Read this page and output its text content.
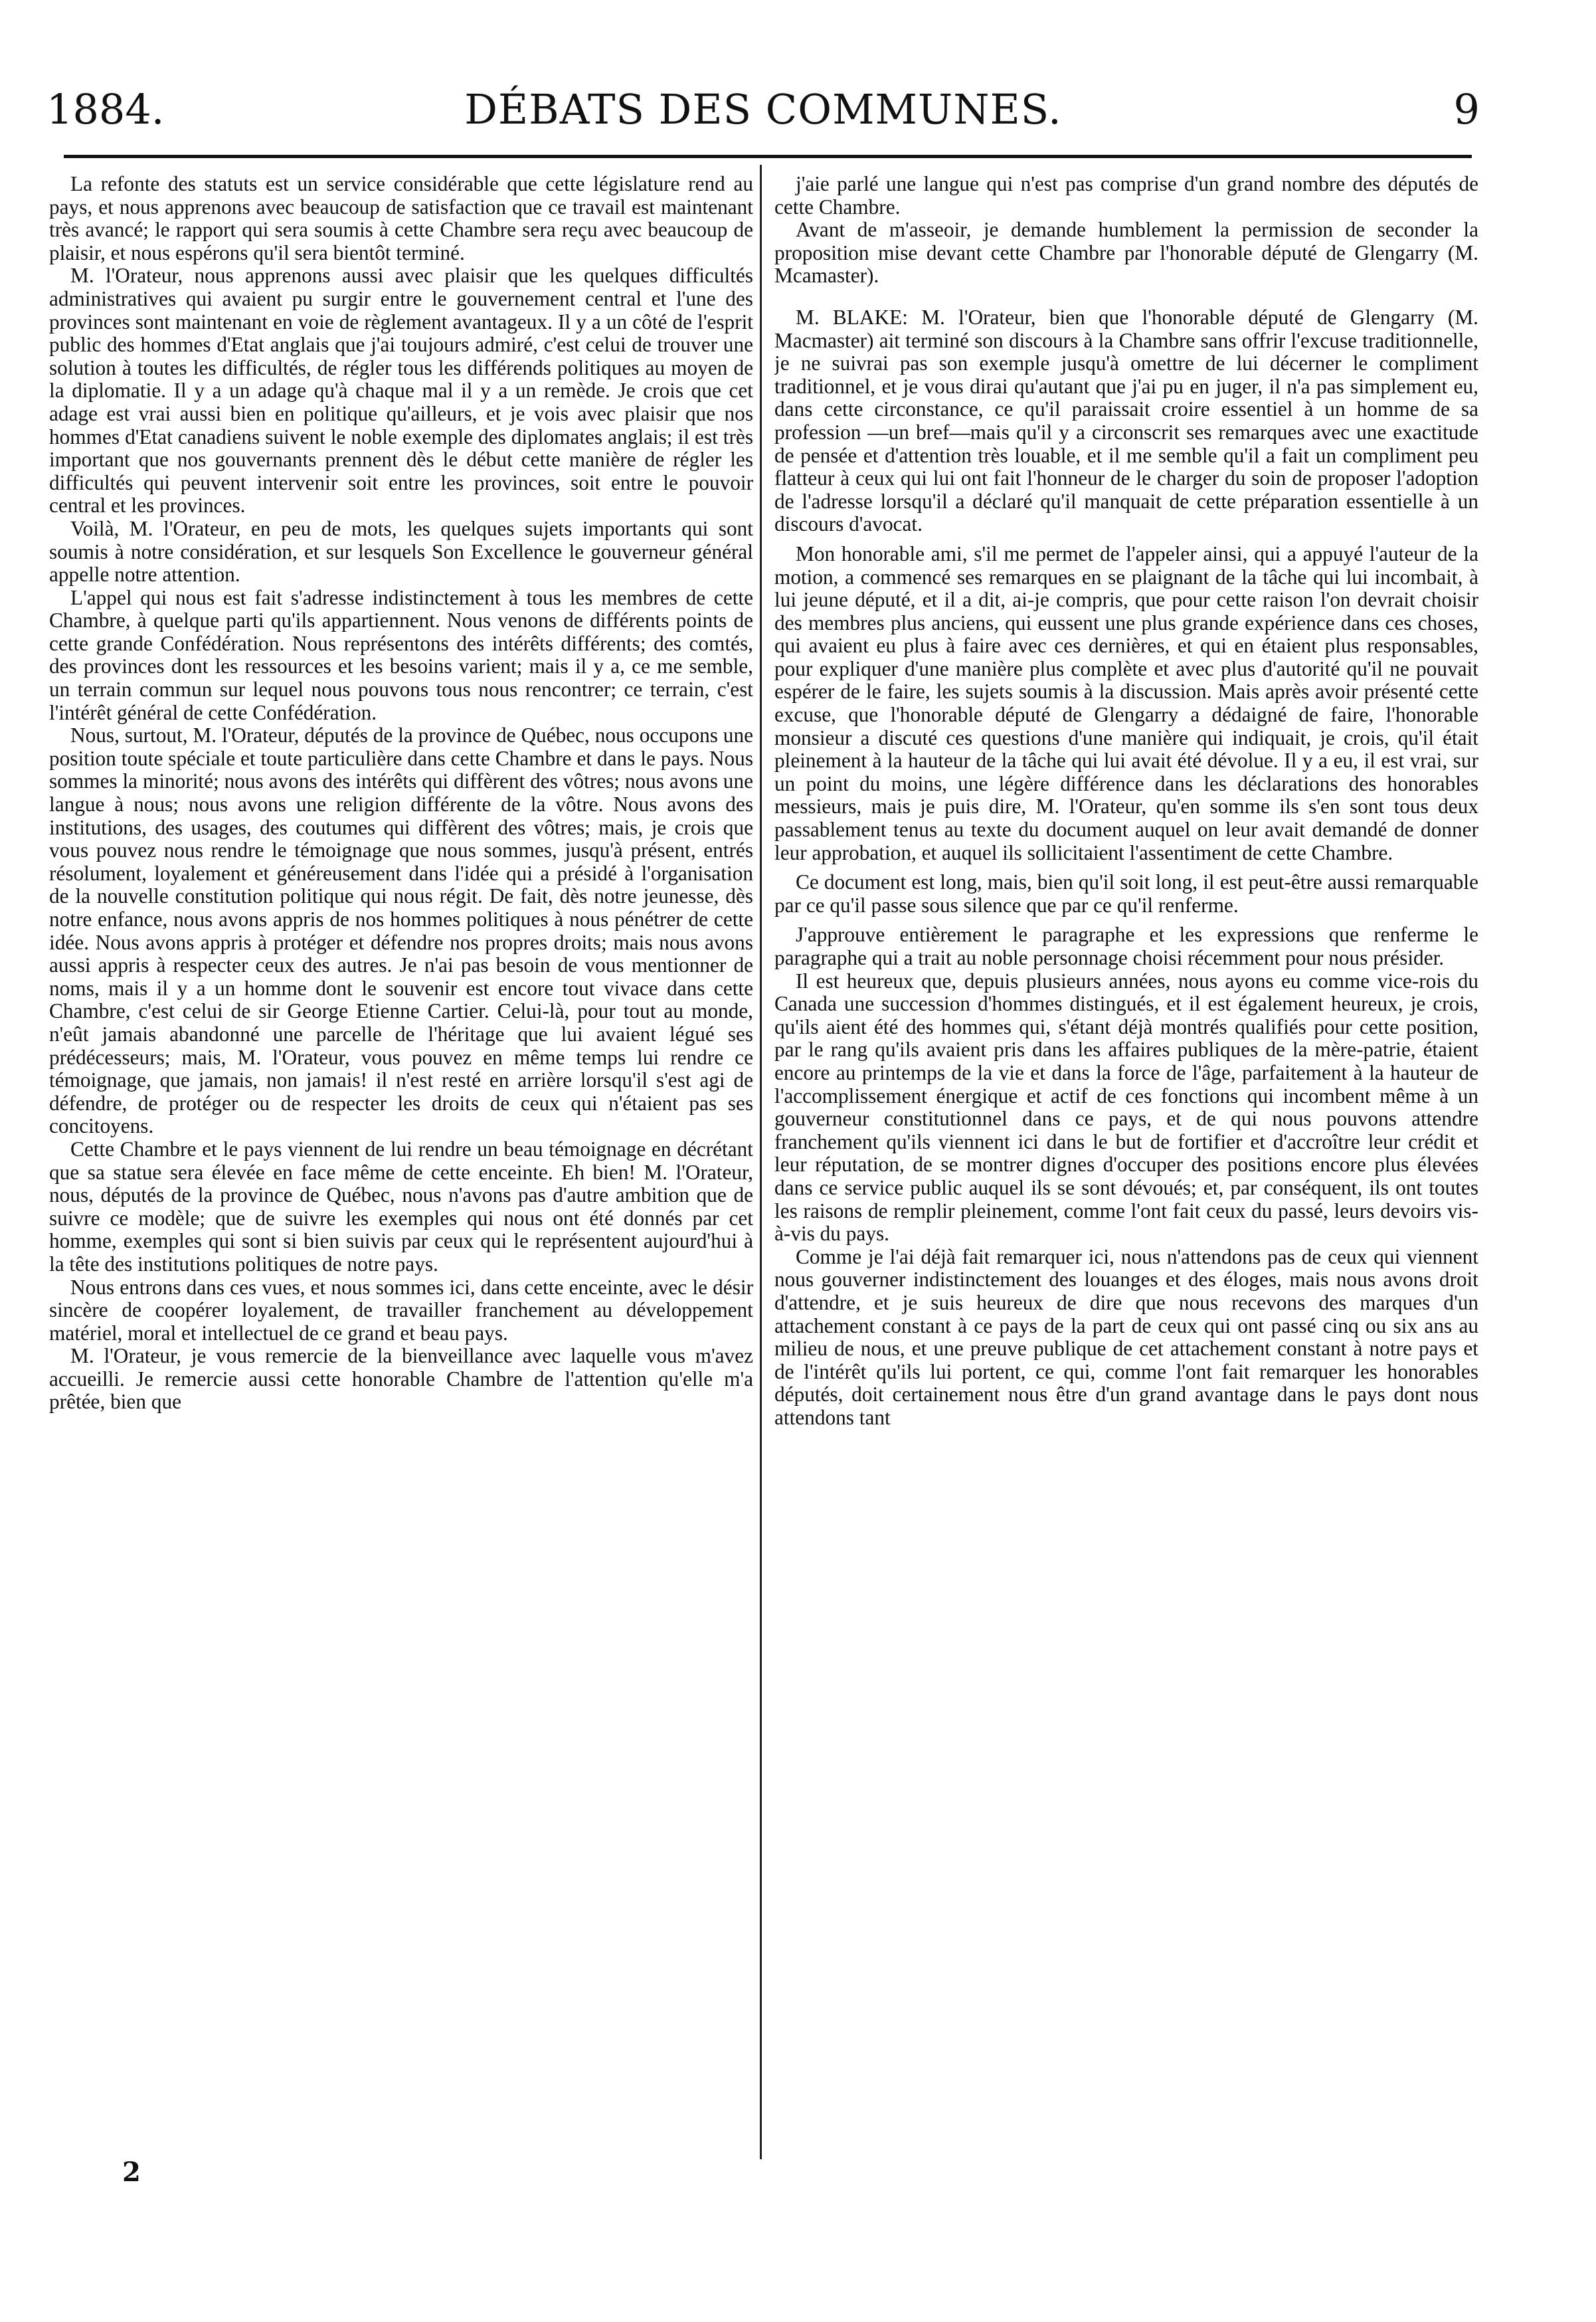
1884.	DÉBATS DES COMMUNES.	9

La refonte des statuts est un service considérable que cette législature rend au pays, et nous apprenons avec beaucoup de satisfaction que ce travail est maintenant très avancé; le rapport qui sera soumis à cette Chambre sera reçu avec beaucoup de plaisir, et nous espérons qu'il sera bientôt terminé.

M. l'Orateur, nous apprenons aussi avec plaisir que les quelques difficultés administratives qui avaient pu surgir entre le gouvernement central et l'une des provinces sont maintenant en voie de règlement avantageux. Il y a un côté de l'esprit public des hommes d'Etat anglais que j'ai toujours admiré, c'est celui de trouver une solution à toutes les difficultés, de régler tous les différends politiques au moyen de la diplomatie. Il y a un adage qu'à chaque mal il y a un remède. Je crois que cet adage est vrai aussi bien en politique qu'ailleurs, et je vois avec plaisir que nos hommes d'Etat canadiens suivent le noble exemple des diplomates anglais; il est très important que nos gouvernants prennent dès le début cette manière de régler les difficultés qui peuvent intervenir soit entre les provinces, soit entre le pouvoir central et les provinces.

Voilà, M. l'Orateur, en peu de mots, les quelques sujets importants qui sont soumis à notre considération, et sur lesquels Son Excellence le gouverneur général appelle notre attention.

L'appel qui nous est fait s'adresse indistinctement à tous les membres de cette Chambre, à quelque parti qu'ils appartiennent. Nous venons de différents points de cette grande Confédération. Nous représentons des intérêts différents; des comtés, des provinces dont les ressources et les besoins varient; mais il y a, ce me semble, un terrain commun sur lequel nous pouvons tous nous rencontrer; ce terrain, c'est l'intérêt général de cette Confédération.

Nous, surtout, M. l'Orateur, députés de la province de Québec, nous occupons une position toute spéciale et toute particulière dans cette Chambre et dans le pays. Nous sommes la minorité; nous avons des intérêts qui diffèrent des vôtres; nous avons une langue à nous; nous avons une religion différente de la vôtre. Nous avons des institutions, des usages, des coutumes qui diffèrent des vôtres; mais, je crois que vous pouvez nous rendre le témoignage que nous sommes, jusqu'à présent, entrés résolument, loyalement et généreusement dans l'idée qui a présidé à l'organisation de la nouvelle constitution politique qui nous régit. De fait, dès notre jeunesse, dès notre enfance, nous avons appris de nos hommes politiques à nous pénétrer de cette idée. Nous avons appris à protéger et défendre nos propres droits; mais nous avons aussi appris à respecter ceux des autres. Je n'ai pas besoin de vous mentionner de noms, mais il y a un homme dont le souvenir est encore tout vivace dans cette Chambre, c'est celui de sir George Etienne Cartier. Celui-là, pour tout au monde, n'eût jamais abandonné une parcelle de l'héritage que lui avaient légué ses prédécesseurs; mais, M. l'Orateur, vous pouvez en même temps lui rendre ce témoignage, que jamais, non jamais! il n'est resté en arrière lorsqu'il s'est agi de défendre, de protéger ou de respecter les droits de ceux qui n'étaient pas ses concitoyens.

Cette Chambre et le pays viennent de lui rendre un beau témoignage en décrétant que sa statue sera élevée en face même de cette enceinte. Eh bien! M. l'Orateur, nous, députés de la province de Québec, nous n'avons pas d'autre ambition que de suivre ce modèle; que de suivre les exemples qui nous ont été donnés par cet homme, exemples qui sont si bien suivis par ceux qui le représentent aujourd'hui à la tête des institutions politiques de notre pays.

Nous entrons dans ces vues, et nous sommes ici, dans cette enceinte, avec le désir sincère de coopérer loyalement, de travailler franchement au développement matériel, moral et intellectuel de ce grand et beau pays.

M. l'Orateur, je vous remercie de la bienveillance avec laquelle vous m'avez accueilli. Je remercie aussi cette honorable Chambre de l'attention qu'elle m'a prêtée, bien que

j'aie parlé une langue qui n'est pas comprise d'un grand nombre des députés de cette Chambre.

Avant de m'asseoir, je demande humblement la permission de seconder la proposition mise devant cette Chambre par l'honorable député de Glengarry (M. Mcamaster).

M. BLAKE: M. l'Orateur, bien que l'honorable député de Glengarry (M. Macmaster) ait terminé son discours à la Chambre sans offrir l'excuse traditionnelle, je ne suivrai pas son exemple jusqu'à omettre de lui décerner le compliment traditionnel, et je vous dirai qu'autant que j'ai pu en juger, il n'a pas simplement eu, dans cette circonstance, ce qu'il paraissait croire essentiel à un homme de sa profession —un bref—mais qu'il y a circonscrit ses remarques avec une exactitude de pensée et d'attention très louable, et il me semble qu'il a fait un compliment peu flatteur à ceux qui lui ont fait l'honneur de le charger du soin de proposer l'adoption de l'adresse lorsqu'il a déclaré qu'il manquait de cette préparation essentielle à un discours d'avocat.

Mon honorable ami, s'il me permet de l'appeler ainsi, qui a appuyé l'auteur de la motion, a commencé ses remarques en se plaignant de la tâche qui lui incombait, à lui jeune député, et il a dit, ai-je compris, que pour cette raison l'on devrait choisir des membres plus anciens, qui eussent une plus grande expérience dans ces choses, qui avaient eu plus à faire avec ces dernières, et qui en étaient plus responsables, pour expliquer d'une manière plus complète et avec plus d'autorité qu'il ne pouvait espérer de le faire, les sujets soumis à la discussion. Mais après avoir présenté cette excuse, que l'honorable député de Glengarry a dédaigné de faire, l'honorable monsieur a discuté ces questions d'une manière qui indiquait, je crois, qu'il était pleinement à la hauteur de la tâche qui lui avait été dévolue. Il y a eu, il est vrai, sur un point du moins, une légère différence dans les déclarations des honorables messieurs, mais je puis dire, M. l'Orateur, qu'en somme ils s'en sont tous deux passablement tenus au texte du document auquel on leur avait demandé de donner leur approbation, et auquel ils sollicitaient l'assentiment de cette Chambre.

Ce document est long, mais, bien qu'il soit long, il est peut-être aussi remarquable par ce qu'il passe sous silence que par ce qu'il renferme.

J'approuve entièrement le paragraphe et les expressions que renferme le paragraphe qui a trait au noble personnage choisi récemment pour nous présider.

Il est heureux que, depuis plusieurs années, nous ayons eu comme vice-rois du Canada une succession d'hommes distingués, et il est également heureux, je crois, qu'ils aient été des hommes qui, s'étant déjà montrés qualifiés pour cette position, par le rang qu'ils avaient pris dans les affaires publiques de la mère-patrie, étaient encore au printemps de la vie et dans la force de l'âge, parfaitement à la hauteur de l'accomplissement énergique et actif de ces fonctions qui incombent même à un gouverneur constitutionnel dans ce pays, et de qui nous pouvons attendre franchement qu'ils viennent ici dans le but de fortifier et d'accroître leur crédit et leur réputation, de se montrer dignes d'occuper des positions encore plus élevées dans ce service public auquel ils se sont dévoués; et, par conséquent, ils ont toutes les raisons de remplir pleinement, comme l'ont fait ceux du passé, leurs devoirs vis-à-vis du pays.

Comme je l'ai déjà fait remarquer ici, nous n'attendons pas de ceux qui viennent nous gouverner indistinctement des louanges et des éloges, mais nous avons droit d'attendre, et je suis heureux de dire que nous recevons des marques d'un attachement constant à ce pays de la part de ceux qui ont passé cinq ou six ans au milieu de nous, et une preuve publique de cet attachement constant à notre pays et de l'intérêt qu'ils lui portent, ce qui, comme l'ont fait remarquer les honorables députés, doit certainement nous être d'un grand avantage dans le pays dont nous attendons tant

2
